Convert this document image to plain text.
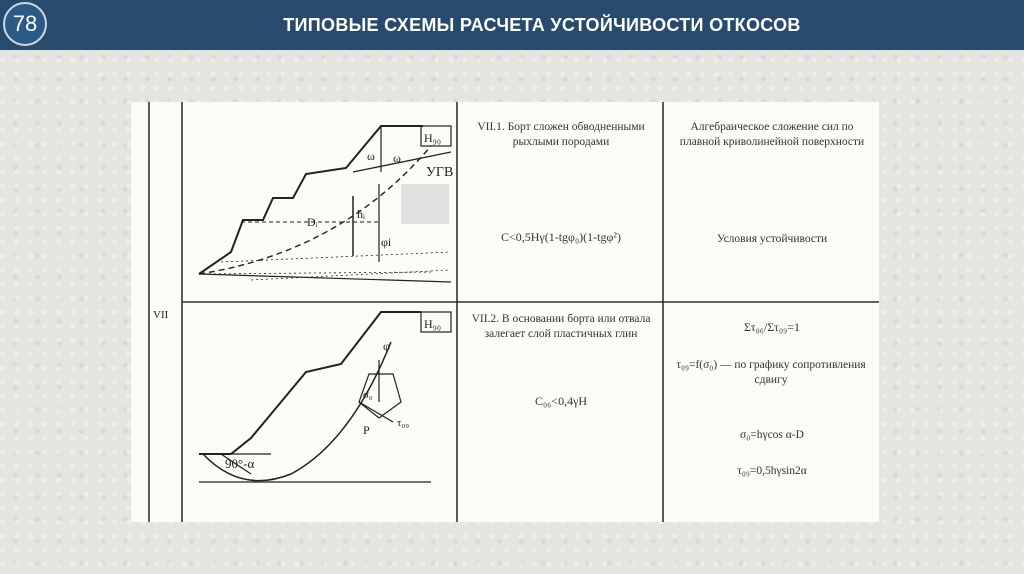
78	ТИПОВЫЕ СХЕМЫ РАСЧЕТА УСТОЙЧИВОСТИ ОТКОСОВ
VII
H₉₀
УГВ
ω ω
Dᵢ
hᵢ
φi
H₉₀
φ
σ₀
τ₀₉
P
90°-α
VII.1. Борт сложен обводненными рыхлыми породами
C<0,5Hγ(1-tgφ₀)(1-tgφ²)
VII.2. В основании борта или отвала залегает слой пластичных глин
C₀₆<0,4γH
Алгебраическое сложение сил по плавной криволинейной поверхности
Условия устойчивости
Στ₀₆/Στ₀₉=1
τ₀₉=f(σ₀) — по графику сопротивления сдвигу
σ₀=hγcos α-D
τ₀₉=0,5hγsin2α
